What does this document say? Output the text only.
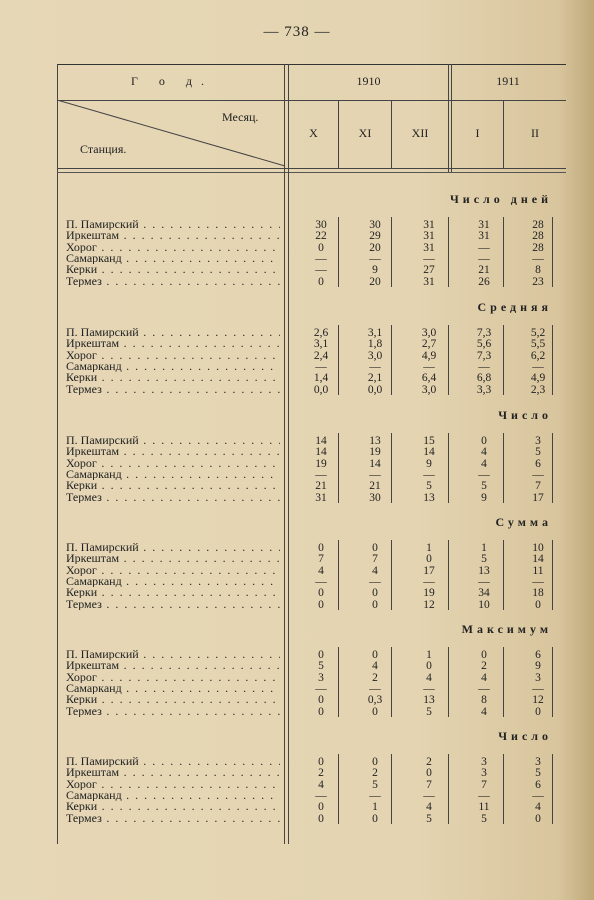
— 738 —
Г о д.	1910	1911
Месяц.
Станция.
X	XI	XII	I	II
Число дней
П. Памирский . . .	30	30	31	31	28
Иркештам . . .	22	29	31	31	28
Хорог . . .	0	20	31	—	28
Самарканд . . .	—	—	—	—	—
Керки . . .	—	9	27	21	8
Термез . . .	0	20	31	26	23
Средняя
П. Памирский . . .	2,6	3,1	3,0	7,3	5,2
Иркештам . . .	3,1	1,8	2,7	5,6	5,5
Хорог . . .	2,4	3,0	4,9	7,3	6,2
Самарканд . . .	—	—	—	—	—
Керки . . .	1,4	2,1	6,4	6,8	4,9
Термез . . .	0,0	0,0	3,0	3,3	2,3
Число
П. Памирский . . .	14	13	15	0	3
Иркештам . . .	14	19	14	4	5
Хорог . . .	19	14	9	4	6
Самарканд . . .	—	—	—	—	—
Керки . . .	21	21	5	5	7
Термез . . .	31	30	13	9	17
Сумма
П. Памирский . . .	0	0	1	1	10
Иркештам . . .	7	7	0	5	14
Хорог . . .	4	4	17	13	11
Самарканд . . .	—	—	—	—	—
Керки . . .	0	0	19	34	18
Термез . . .	0	0	12	10	0
Максимум
П. Памирский . . .	0	0	1	0	6
Иркештам . . .	5	4	0	2	9
Хорог . . .	3	2	4	4	3
Самарканд . . .	—	—	—	—	—
Керки . . .	0	0,3	13	8	12
Термез . . .	0	0	5	4	0
Число
П. Памирский . . .	0	0	2	3	3
Иркештам . . .	2	2	0	3	5
Хорог . . .	4	5	7	7	6
Самарканд . . .	—	—	—	—	—
Керки . . .	0	1	4	11	4
Термез . . .	0	0	5	5	0
